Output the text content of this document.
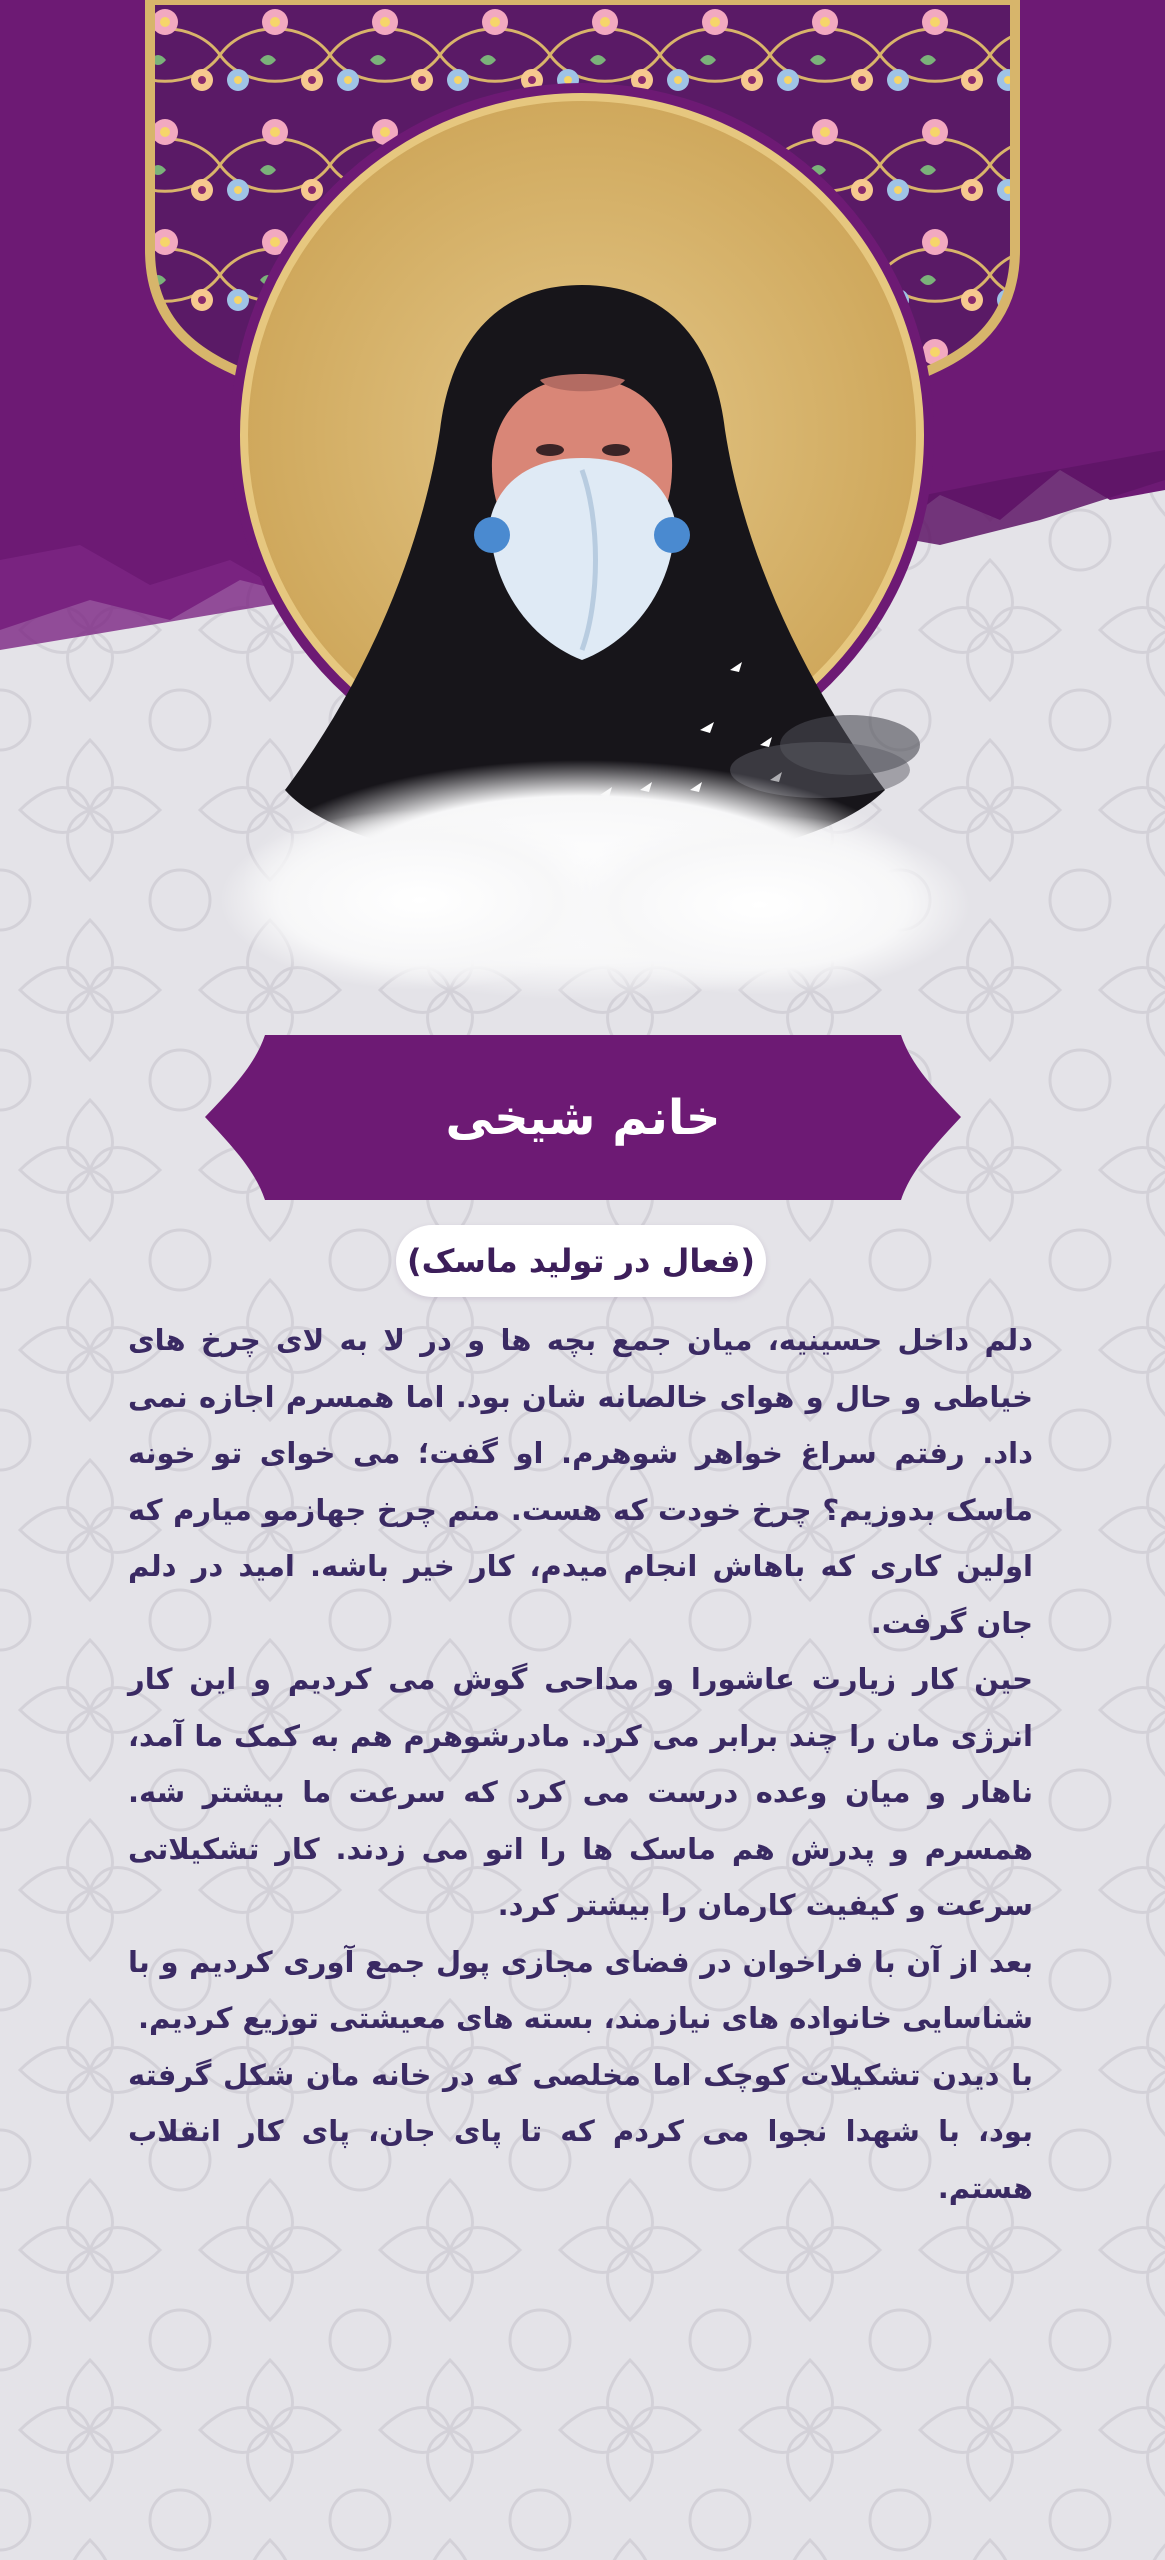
خانم شیخی
(فعال در تولید ماسک)

دلم داخل حسینیه، میان جمع بچه ها و در لا به لای چرخ های خیاطی و حال و هوای خالصانه شان بود. اما همسرم اجازه نمی داد. رفتم سراغ خواهر شوهرم. او گفت؛ می خوای تو خونه ماسک بدوزیم؟ چرخ خودت که هست. منم چرخ جهازمو میارم که اولین کاری که باهاش انجام میدم، کار خیر باشه. امید در دلم جان گرفت.

حین کار زیارت عاشورا و مداحی گوش می کردیم و این کار انرژی مان را چند برابر می کرد. مادرشوهرم هم به کمک ما آمد، ناهار و میان وعده درست می کرد که سرعت ما بیشتر شه. همسرم و پدرش هم ماسک ها را اتو می زدند. کار تشکیلاتی سرعت و کیفیت کارمان را بیشتر کرد.

بعد از آن با فراخوان در فضای مجازی پول جمع آوری کردیم و با شناسایی خانواده های نیازمند، بسته های معیشتی توزیع کردیم.

با دیدن تشکیلات کوچک اما مخلصی که در خانه مان شکل گرفته بود، با شهدا نجوا می کردم که تا پای جان، پای کار انقلاب هستم.
